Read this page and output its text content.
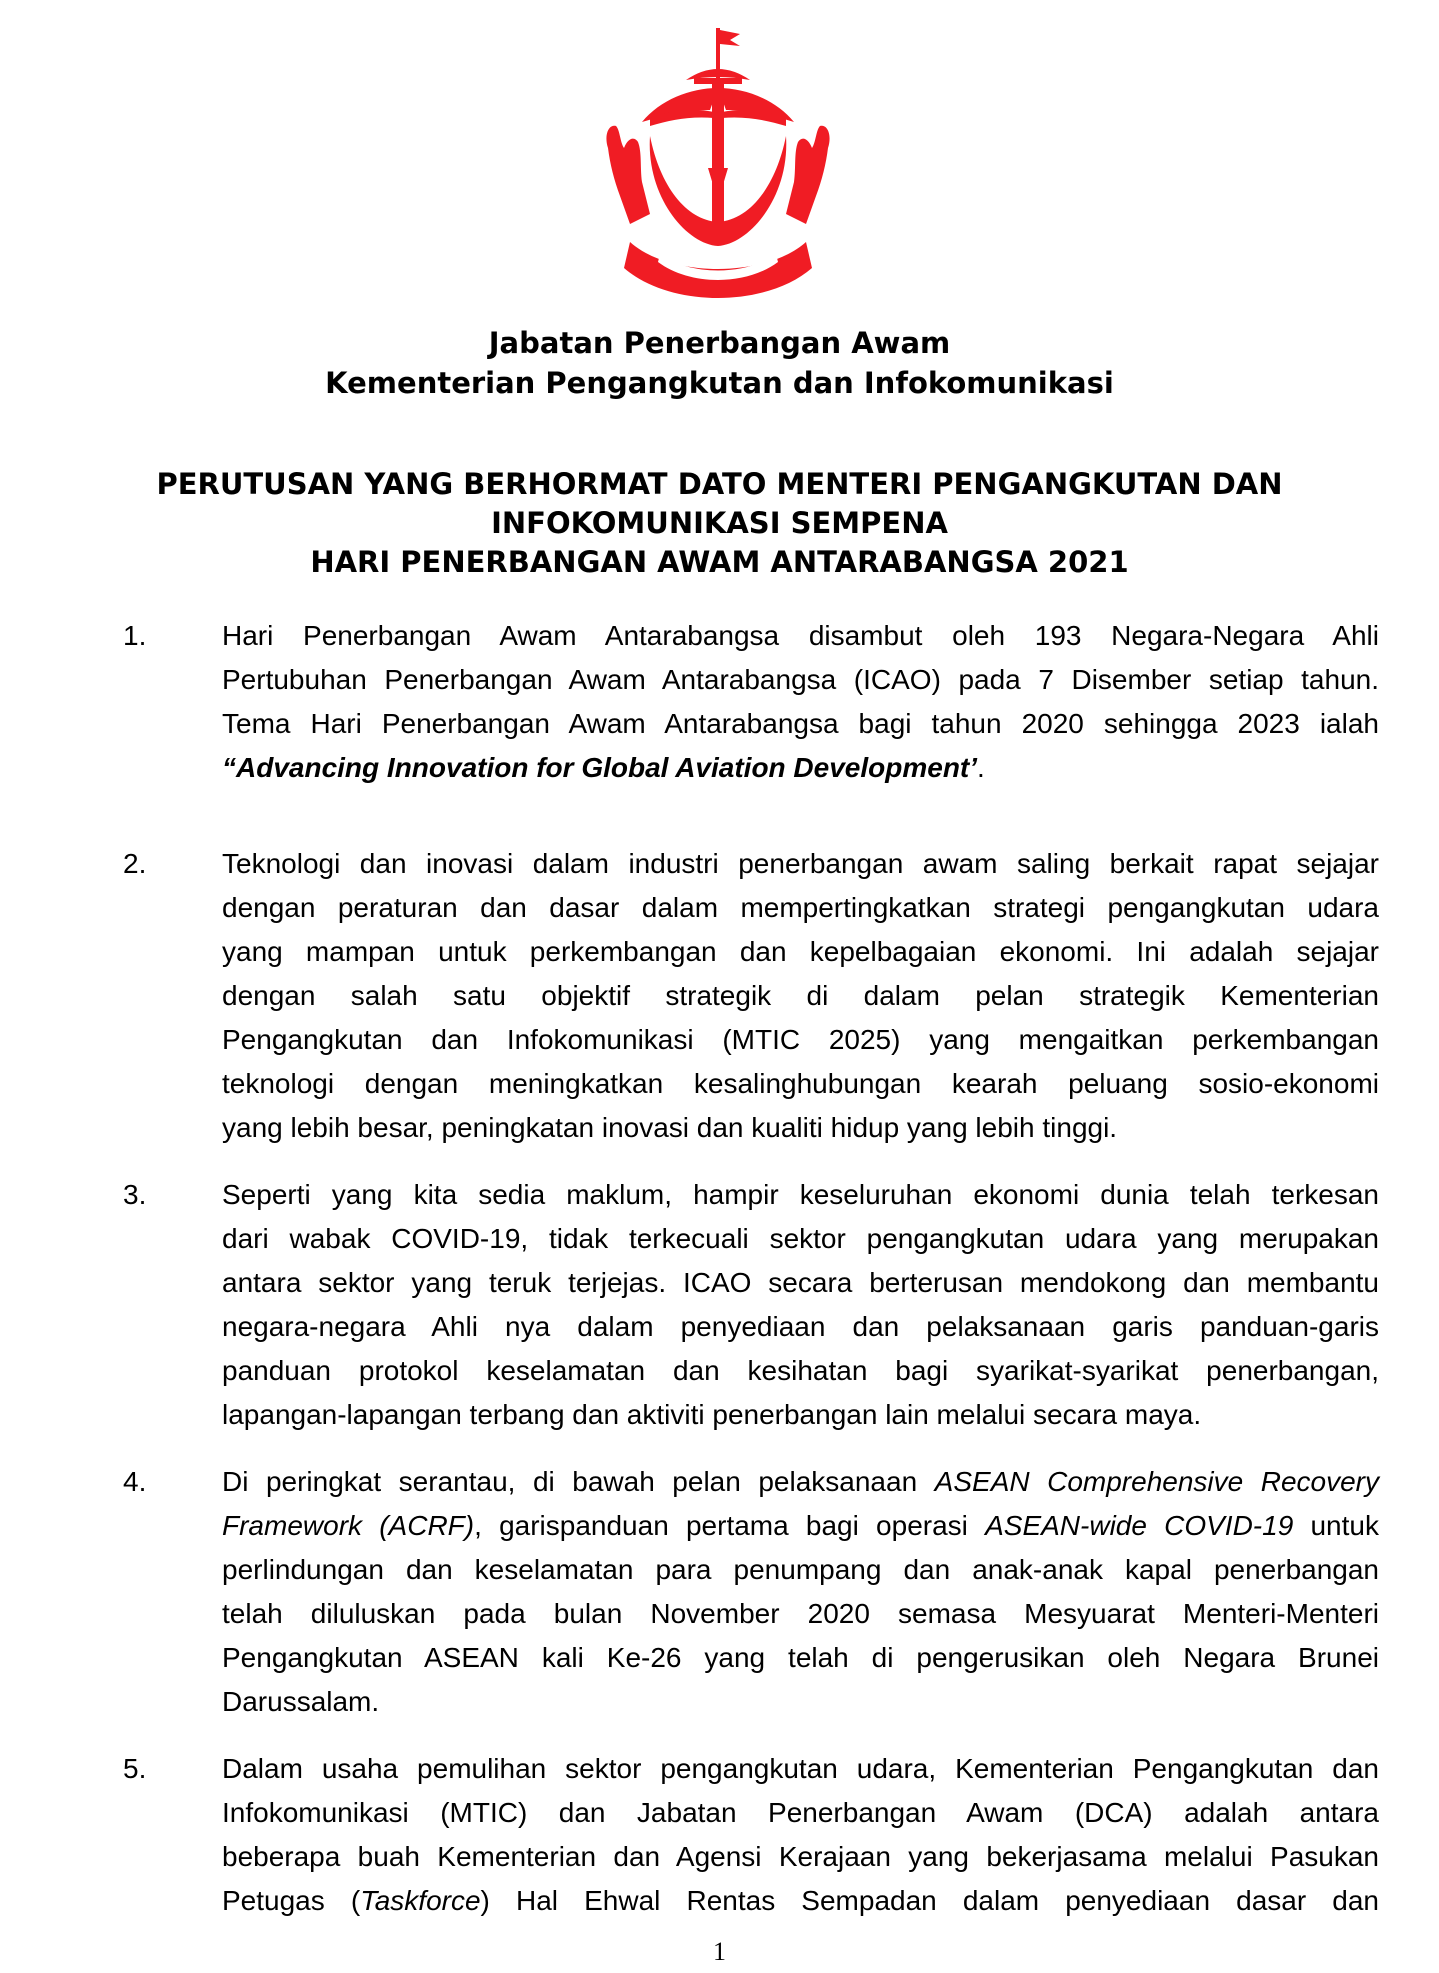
Jabatan Penerbangan Awam
Kementerian Pengangkutan dan Infokomunikasi
PERUTUSAN YANG BERHORMAT DATO MENTERI PENGANGKUTAN DAN
INFOKOMUNIKASI SEMPENA
HARI PENERBANGAN AWAM ANTARABANGSA 2021
1.	Hari Penerbangan Awam Antarabangsa disambut oleh 193 Negara-Negara Ahli
Pertubuhan Penerbangan Awam Antarabangsa (ICAO) pada 7 Disember setiap tahun.
Tema Hari Penerbangan Awam Antarabangsa bagi tahun 2020 sehingga 2023 ialah
“Advancing Innovation for Global Aviation Development’.
2.	Teknologi dan inovasi dalam industri penerbangan awam saling berkait rapat sejajar
dengan peraturan dan dasar dalam mempertingkatkan strategi pengangkutan udara
yang mampan untuk perkembangan dan kepelbagaian ekonomi. Ini adalah sejajar
dengan salah satu objektif strategik di dalam pelan strategik Kementerian
Pengangkutan dan Infokomunikasi (MTIC 2025) yang mengaitkan perkembangan
teknologi dengan meningkatkan kesalinghubungan kearah peluang sosio-ekonomi
yang lebih besar, peningkatan inovasi dan kualiti hidup yang lebih tinggi.
3.	Seperti yang kita sedia maklum, hampir keseluruhan ekonomi dunia telah terkesan
dari wabak COVID-19, tidak terkecuali sektor pengangkutan udara yang merupakan
antara sektor yang teruk terjejas. ICAO secara berterusan mendokong dan membantu
negara-negara Ahli nya dalam penyediaan dan pelaksanaan garis panduan-garis
panduan protokol keselamatan dan kesihatan bagi syarikat-syarikat penerbangan,
lapangan-lapangan terbang dan aktiviti penerbangan lain melalui secara maya.
4.	Di peringkat serantau, di bawah pelan pelaksanaan ASEAN Comprehensive Recovery
Framework (ACRF), garispanduan pertama bagi operasi ASEAN-wide COVID-19 untuk
perlindungan dan keselamatan para penumpang dan anak-anak kapal penerbangan
telah diluluskan pada bulan November 2020 semasa Mesyuarat Menteri-Menteri
Pengangkutan ASEAN kali Ke-26 yang telah di pengerusikan oleh Negara Brunei
Darussalam.
5.	Dalam usaha pemulihan sektor pengangkutan udara, Kementerian Pengangkutan dan
Infokomunikasi (MTIC) dan Jabatan Penerbangan Awam (DCA) adalah antara
beberapa buah Kementerian dan Agensi Kerajaan yang bekerjasama melalui Pasukan
Petugas (Taskforce) Hal Ehwal Rentas Sempadan dalam penyediaan dasar dan
1
